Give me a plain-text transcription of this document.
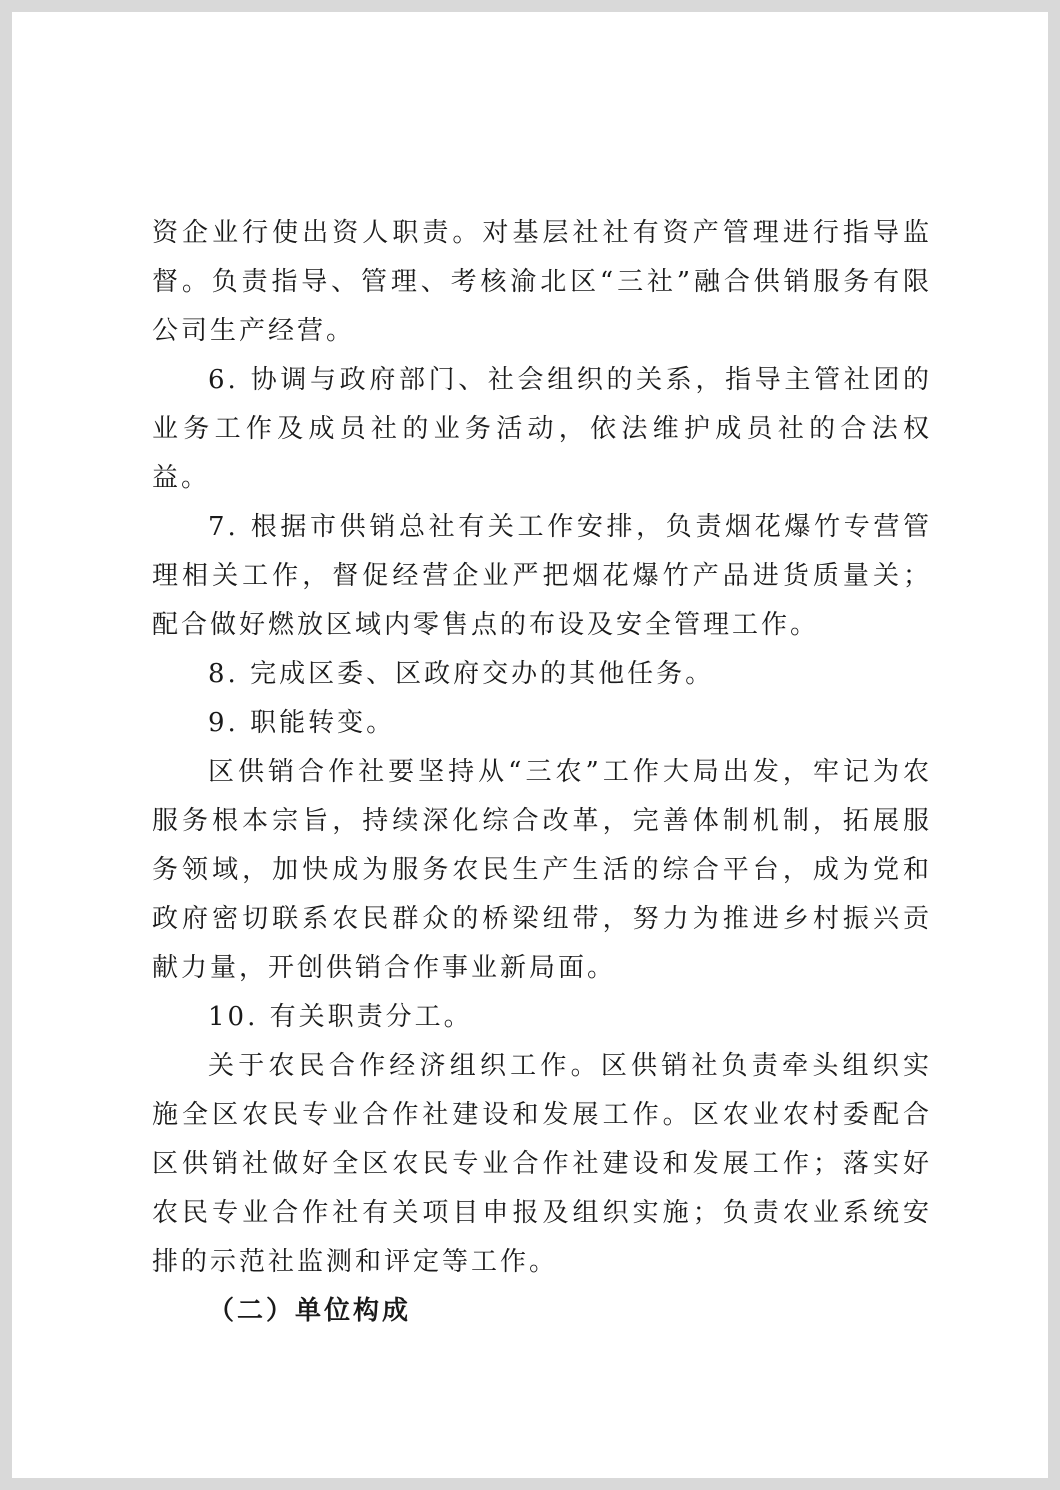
资企业行使出资人职责。对基层社社有资产管理进行指导监督。负责指导、管理、考核渝北区“三社”融合供销服务有限公司生产经营。

6. 协调与政府部门、社会组织的关系，指导主管社团的业务工作及成员社的业务活动，依法维护成员社的合法权益。

7. 根据市供销总社有关工作安排，负责烟花爆竹专营管理相关工作，督促经营企业严把烟花爆竹产品进货质量关；配合做好燃放区域内零售点的布设及安全管理工作。

8. 完成区委、区政府交办的其他任务。

9. 职能转变。

区供销合作社要坚持从“三农”工作大局出发，牢记为农服务根本宗旨，持续深化综合改革，完善体制机制，拓展服务领域，加快成为服务农民生产生活的综合平台，成为党和政府密切联系农民群众的桥梁纽带，努力为推进乡村振兴贡献力量，开创供销合作事业新局面。

10. 有关职责分工。

关于农民合作经济组织工作。区供销社负责牵头组织实施全区农民专业合作社建设和发展工作。区农业农村委配合区供销社做好全区农民专业合作社建设和发展工作；落实好农民专业合作社有关项目申报及组织实施；负责农业系统安排的示范社监测和评定等工作。

（二）单位构成
